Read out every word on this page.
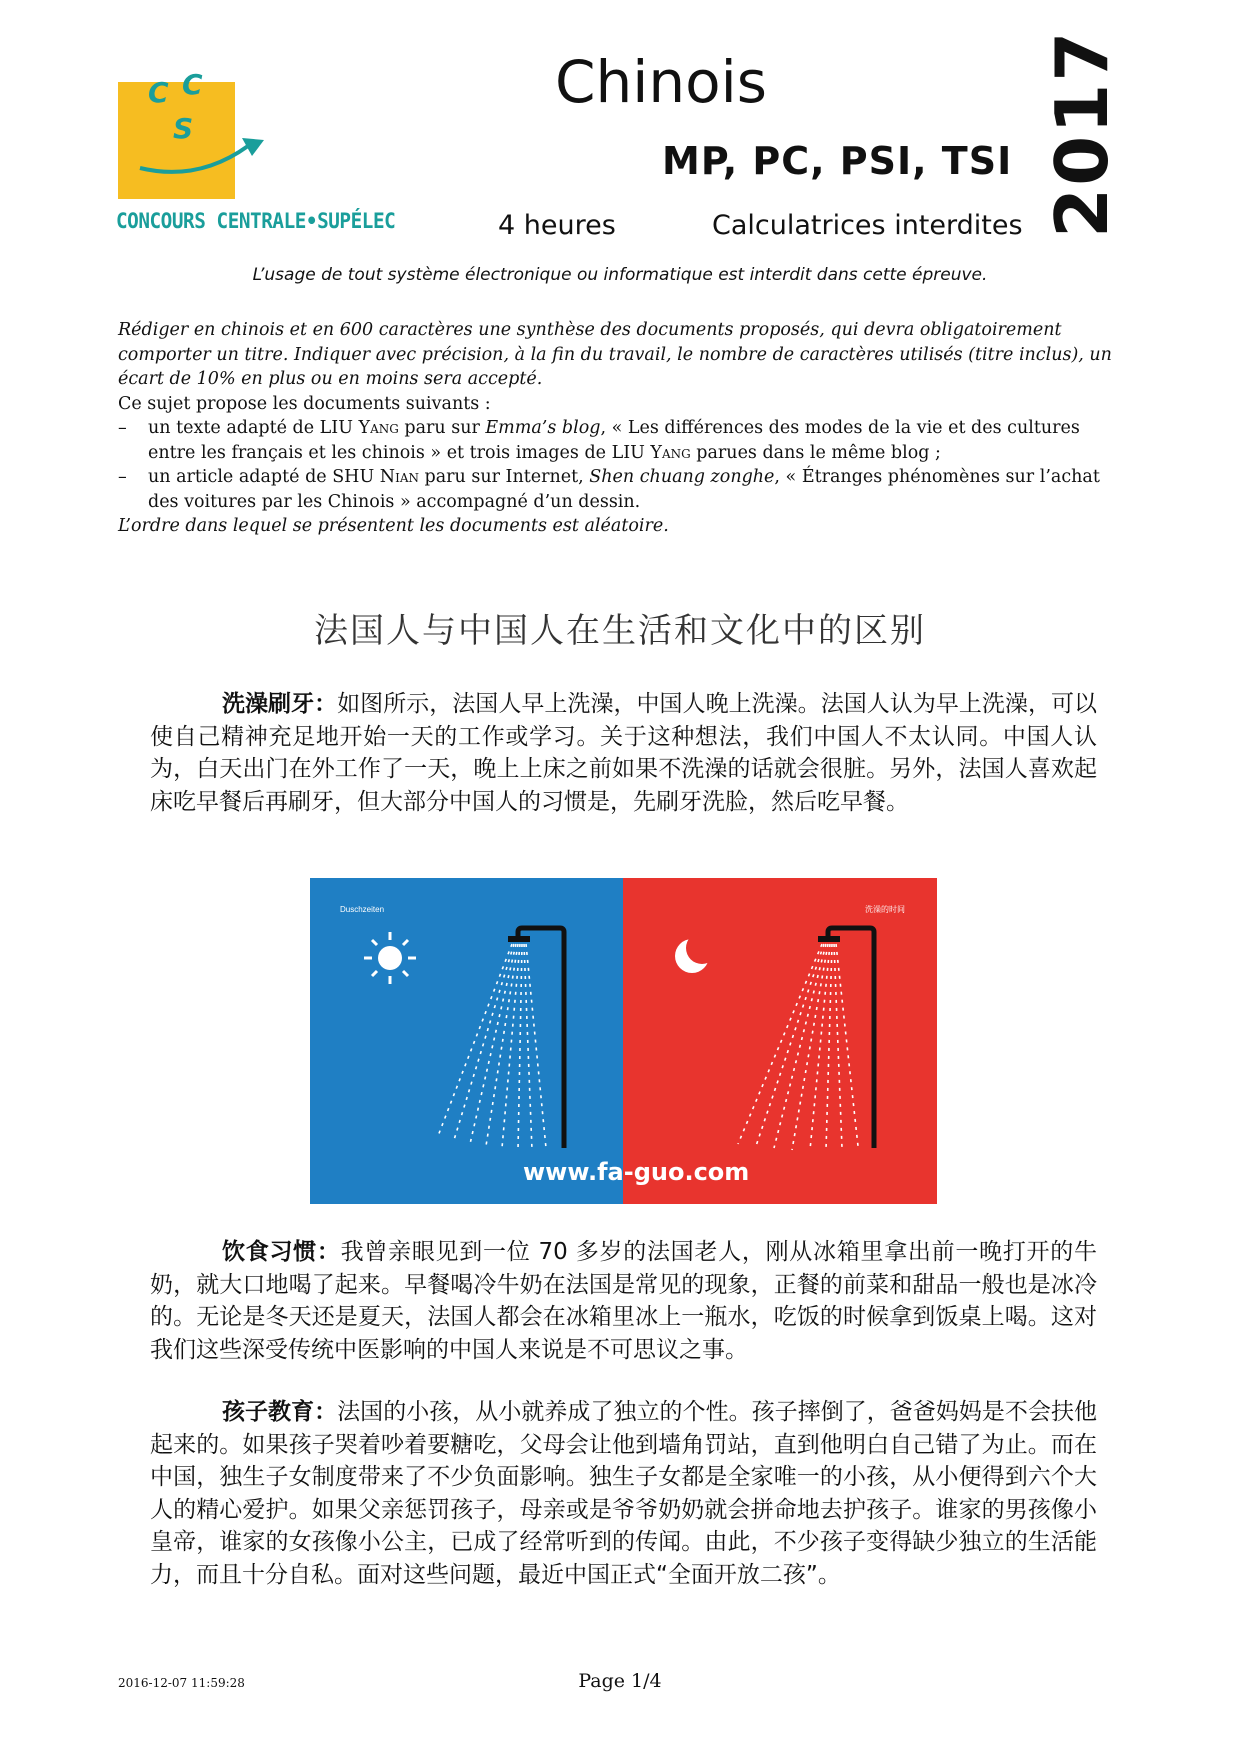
C C
S
CONCOURS CENTRALE•SUPÉLEC
Chinois
MP, PC, PSI, TSI
4 heures	Calculatrices interdites 2017
L’usage de tout système électronique ou informatique est interdit dans cette épreuve.

Rédiger en chinois et en 600 caractères une synthèse des documents proposés, qui devra obligatoirement comporter un titre. Indiquer avec précision, à la fin du travail, le nombre de caractères utilisés (titre inclus), un écart de 10% en plus ou en moins sera accepté.

Ce sujet propose les documents suivants :

– un texte adapté de LIU Yang paru sur Emma’s blog, « Les différences des modes de la vie et des cultures entre les français et les chinois » et trois images de LIU Yang parues dans le même blog ;
– un article adapté de SHU Nian paru sur Internet, Shen chuang zonghe, « Étranges phénomènes sur l’achat des voitures par les Chinois » accompagné d’un dessin.

L’ordre dans lequel se présentent les documents est aléatoire.

法国人与中国人在生活和文化中的区别
洗澡刷牙：如图所示，法国人早上洗澡，中国人晚上洗澡。法国人认为早上洗澡，可以使自己精神充足地开始一天的工作或学习。关于这种想法，我们中国人不太认同。中国人认为，白天出门在外工作了一天，晚上上床之前如果不洗澡的话就会很脏。另外，法国人喜欢起床吃早餐后再刷牙，但大部分中国人的习惯是，先刷牙洗脸，然后吃早餐。
Duschzeiten	洗澡的时间
www.fa-guo.com
饮食习惯：我曾亲眼见到一位 70 多岁的法国老人，刚从冰箱里拿出前一晚打开的牛奶，就大口地喝了起来。早餐喝冷牛奶在法国是常见的现象，正餐的前菜和甜品一般也是冰冷的。无论是冬天还是夏天，法国人都会在冰箱里冰上一瓶水，吃饭的时候拿到饭桌上喝。这对我们这些深受传统中医影响的中国人来说是不可思议之事。
孩子教育：法国的小孩，从小就养成了独立的个性。孩子摔倒了，爸爸妈妈是不会扶他起来的。如果孩子哭着吵着要糖吃，父母会让他到墙角罚站，直到他明白自己错了为止。而在中国，独生子女制度带来了不少负面影响。独生子女都是全家唯一的小孩，从小便得到六个大人的精心爱护。如果父亲惩罚孩子，母亲或是爷爷奶奶就会拼命地去护孩子。谁家的男孩像小皇帝，谁家的女孩像小公主，已成了经常听到的传闻。由此，不少孩子变得缺少独立的生活能力，而且十分自私。面对这些问题，最近中国正式“全面开放二孩”。
2016-12-07 11:59:28	Page 1/4
